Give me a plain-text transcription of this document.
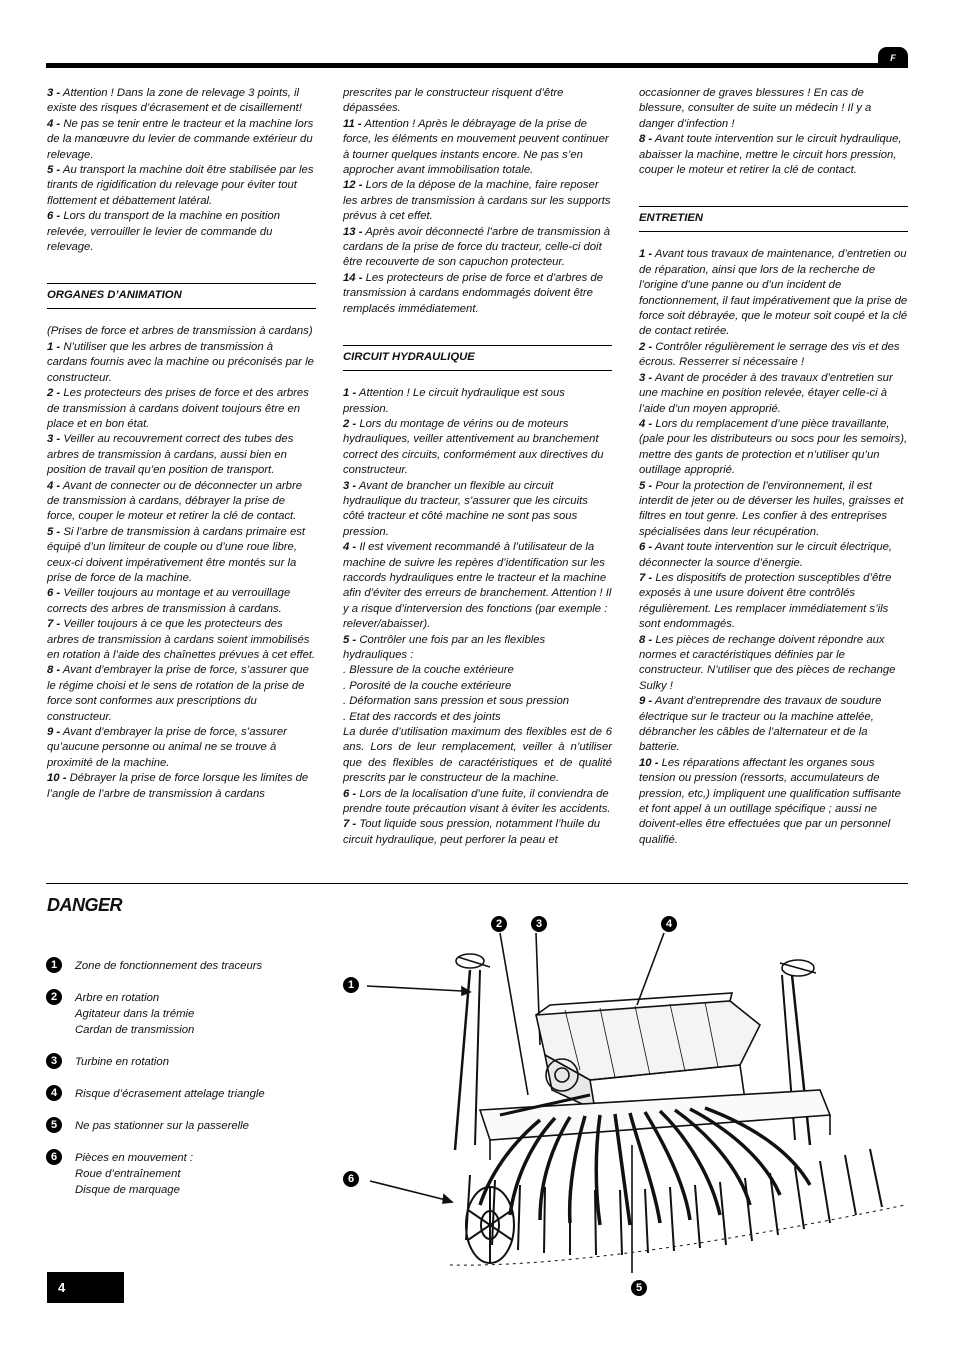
F

3 - Attention ! Dans la zone de relevage 3 points, il existe des risques d’écrasement et de cisaillement!

4 - Ne pas se tenir entre le tracteur et la machine lors de la manœuvre du levier de commande extérieur du relevage.

5 - Au transport la machine doit être stabilisée par les tirants de rigidification du relevage pour éviter tout flottement et débattement latéral.

6 - Lors du transport de la machine en position relevée, verrouiller le levier de commande du relevage.

ORGANES D’ANIMATION

(Prises de force et arbres de transmission à cardans)

1 - N’utiliser que les arbres de transmission à cardans fournis avec la machine ou préconisés par le constructeur.

2 - Les protecteurs des prises de force et des arbres de transmission à cardans doivent toujours être en place et en bon état.

3 - Veiller au recouvrement correct des tubes des arbres de transmission à cardans, aussi bien en position de travail qu’en position de transport.

4 - Avant de connecter ou de déconnecter un arbre de transmission à cardans, débrayer la prise de force, couper le moteur et retirer la clé de contact.

5 - Si l’arbre de transmission à cardans primaire est équipé d’un limiteur de couple ou d’une roue libre, ceux-ci doivent impérativement être montés sur la prise de force de la machine.

6 - Veiller toujours au montage et au verrouillage corrects des arbres de transmission à cardans.

7 - Veiller toujours à ce que les protecteurs des arbres de transmission à cardans soient immobilisés en rotation à l’aide des chaînettes prévues à cet effet.

8 - Avant d’embrayer la prise de force, s’assurer que le régime choisi et le sens de rotation de la prise de force sont conformes aux prescriptions du constructeur.

9 - Avant d’embrayer la prise de force, s’assurer qu’aucune personne ou animal ne se trouve à proximité de la machine.

10 - Débrayer la prise de force lorsque les limites de l’angle de l’arbre de transmission à cardans

prescrites par le constructeur risquent d’être dépassées.

11 - Attention ! Après le débrayage de la prise de force, les éléments en mouvement peuvent continuer à tourner quelques instants encore. Ne pas s’en approcher avant immobilisation totale.

12 - Lors de la dépose de la machine, faire reposer les arbres de transmission à cardans sur les supports prévus à cet effet.

13 - Après avoir déconnecté l’arbre de transmission à cardans de la prise de force du tracteur, celle-ci doit être recouverte de son capuchon protecteur.

14 - Les protecteurs de prise de force et d’arbres de transmission à cardans endommagés doivent être remplacés immédiatement.

CIRCUIT HYDRAULIQUE

1 - Attention ! Le circuit hydraulique est sous pression.

2 - Lors du montage de vérins ou de moteurs hydrauliques, veiller attentivement au branchement correct des circuits, conformément aux directives du constructeur.

3 - Avant de brancher un flexible au circuit hydraulique du tracteur, s’assurer que les circuits côté tracteur et côté machine ne sont pas sous pression.

4 - Il est vivement recommandé à l’utilisateur de la machine de suivre les repères d’identification sur les raccords hydrauliques entre le tracteur et la machine afin d’éviter des erreurs de branchement. Attention ! Il y a risque d’interversion des fonctions (par exemple : relever/abaisser).

5 - Contrôler une fois par an les flexibles hydrauliques :

. Blessure de la couche extérieure

. Porosité de la couche extérieure

. Déformation sans pression et sous pression

. Etat des raccords et des joints

La durée d’utilisation maximum des flexibles est de 6 ans. Lors de leur remplacement, veiller à n’utiliser que des flexibles de caractéristiques et de qualité prescrits par le constructeur de la machine.

6 - Lors de la localisation d’une fuite, il conviendra de prendre toute précaution visant à éviter les accidents.

7 - Tout liquide sous pression, notamment l’huile du circuit hydraulique, peut perforer la peau et

occasionner de graves blessures ! En cas de blessure, consulter de suite un médecin ! Il y a danger d’infection !

8 - Avant toute intervention sur le circuit hydraulique, abaisser la machine, mettre le circuit hors pression, couper le moteur et retirer la clé de contact.

ENTRETIEN

1 - Avant tous travaux de maintenance, d’entretien ou de réparation, ainsi que lors de la recherche de l’origine d’une panne ou d’un incident de fonctionnement, il faut impérativement que la prise de force soit débrayée, que le moteur soit coupé et la clé de contact retirée.

2 - Contrôler régulièrement le serrage des vis et des écrous. Resserrer si nécessaire !

3 - Avant de procéder à des travaux d’entretien sur une machine en position relevée, étayer celle-ci à l’aide d’un moyen approprié.

4 - Lors du remplacement d’une pièce travaillante, (pale pour les distributeurs ou socs pour les semoirs), mettre des gants de protection et n’utiliser qu’un outillage approprié.

5 - Pour la protection de l’environnement, il est interdit de jeter ou de déverser les huiles, graisses et filtres en tout genre. Les confier à des entreprises spécialisées dans leur récupération.

6 - Avant toute intervention sur le circuit électrique, déconnecter la source d’énergie.

7 - Les dispositifs de protection susceptibles d’être exposés à une usure doivent être contrôlés régulièrement. Les remplacer immédiatement s’ils sont endommagés.

8 - Les pièces de rechange doivent répondre aux normes et caractéristiques définies par le constructeur. N’utiliser que des pièces de rechange Sulky !

9 - Avant d’entreprendre des travaux de soudure électrique sur le tracteur ou la machine attelée, débrancher les câbles de l’alternateur et de la batterie.

10 - Les réparations affectant les organes sous tension ou pression (ressorts, accumulateurs de pression, etc,) impliquent une qualification suffisante et font appel à un outillage spécifique ; aussi ne doivent-elles être effectuées que par un personnel qualifié.

DANGER
1	Zone de fonctionnement des traceurs
2	Arbre en rotation
Agitateur dans la trémie
Cardan de transmission
3	Turbine en rotation
4	Risque d’écrasement attelage triangle
5	Ne pas stationner sur la passerelle
6	Pièces en mouvement :
Roue d’entraînement
Disque de marquage
1
2	3	4
5
6
4
